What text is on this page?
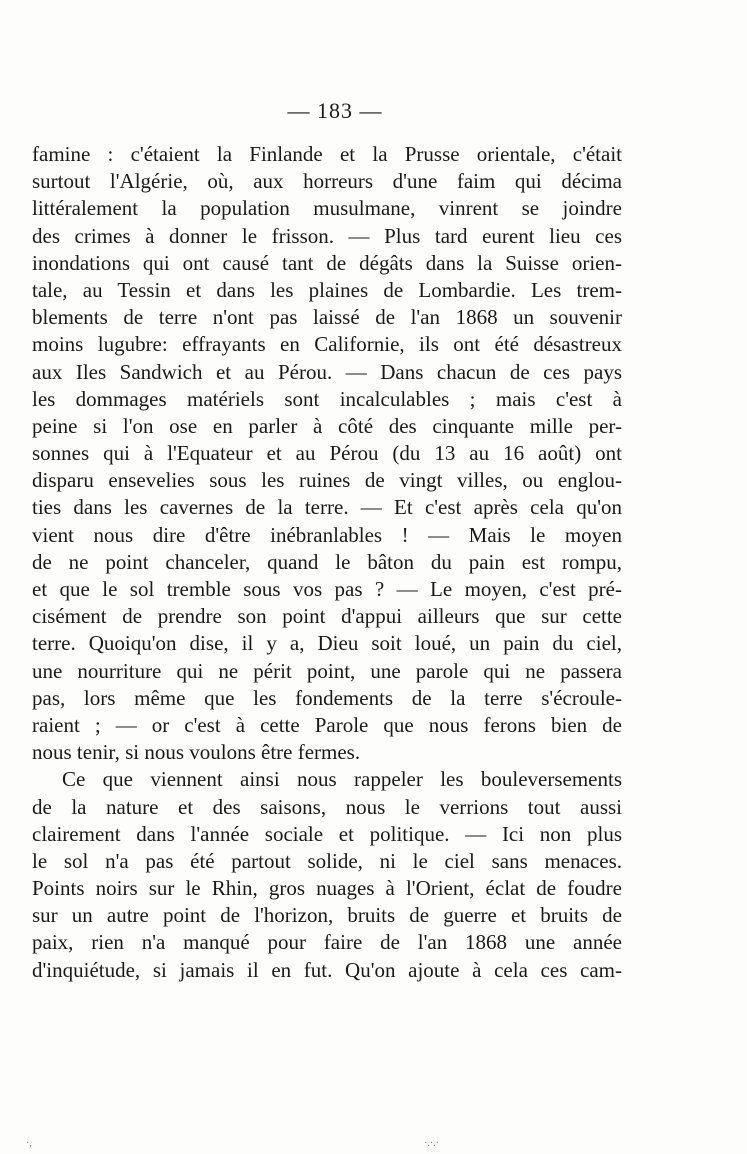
— 183 —
famine : c'étaient la Finlande et la Prusse orientale, c'était
surtout l'Algérie, où, aux horreurs d'une faim qui décima
littéralement la population musulmane, vinrent se joindre
des crimes à donner le frisson. — Plus tard eurent lieu ces
inondations qui ont causé tant de dégâts dans la Suisse orien-
tale, au Tessin et dans les plaines de Lombardie. Les trem-
blements de terre n'ont pas laissé de l'an 1868 un souvenir
moins lugubre: effrayants en Californie, ils ont été désastreux
aux Iles Sandwich et au Pérou. — Dans chacun de ces pays
les dommages matériels sont incalculables ; mais c'est à
peine si l'on ose en parler à côté des cinquante mille per-
sonnes qui à l'Equateur et au Pérou (du 13 au 16 août) ont
disparu ensevelies sous les ruines de vingt villes, ou englou-
ties dans les cavernes de la terre. — Et c'est après cela qu'on
vient nous dire d'être inébranlables ! — Mais le moyen
de ne point chanceler, quand le bâton du pain est rompu,
et que le sol tremble sous vos pas ? — Le moyen, c'est pré-
cisément de prendre son point d'appui ailleurs que sur cette
terre. Quoiqu'on dise, il y a, Dieu soit loué, un pain du ciel,
une nourriture qui ne périt point, une parole qui ne passera
pas, lors même que les fondements de la terre s'écroule-
raient ; — or c'est à cette Parole que nous ferons bien de
nous tenir, si nous voulons être fermes.
Ce que viennent ainsi nous rappeler les bouleversements
de la nature et des saisons, nous le verrions tout aussi
clairement dans l'année sociale et politique. — Ici non plus
le sol n'a pas été partout solide, ni le ciel sans menaces.
Points noirs sur le Rhin, gros nuages à l'Orient, éclat de foudre
sur un autre point de l'horizon, bruits de guerre et bruits de
paix, rien n'a manqué pour faire de l'an 1868 une année
d'inquiétude, si jamais il en fut. Qu'on ajoute à cela ces cam-
·,	·.·.·
